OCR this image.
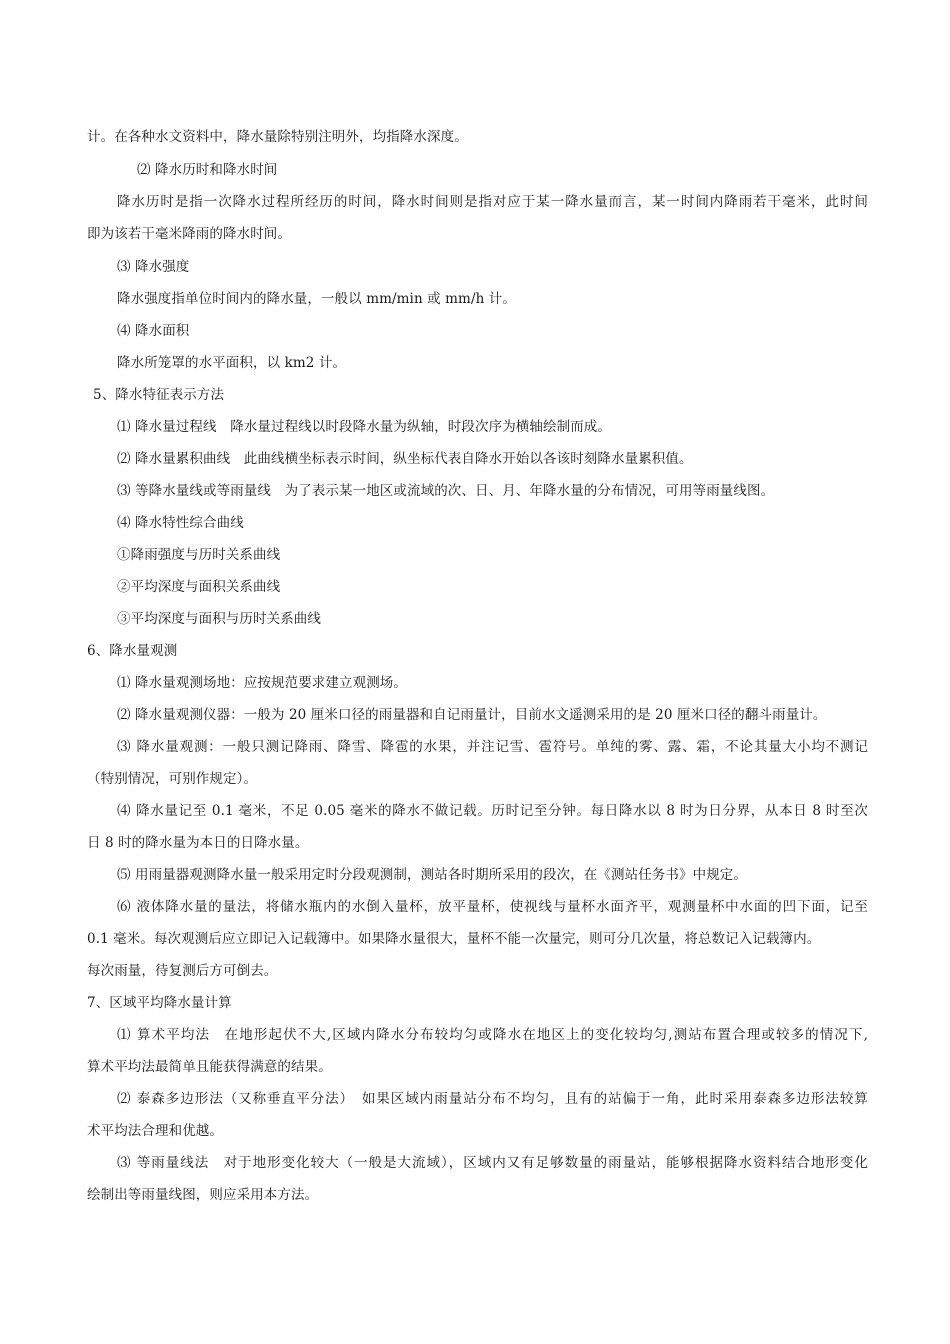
计。在各种水文资料中，降水量除特别注明外，均指降水深度。
⑵ 降水历时和降水时间
降水历时是指一次降水过程所经历的时间，降水时间则是指对应于某一降水量而言，某一时间内降雨若干毫米，此时间
即为该若干毫米降雨的降水时间。
⑶ 降水强度
降水强度指单位时间内的降水量，一般以 mm/min 或 mm/h 计。
⑷ 降水面积
降水所笼罩的水平面积，以 km2 计。
5、降水特征表示方法
⑴ 降水量过程线　降水量过程线以时段降水量为纵轴，时段次序为横轴绘制而成。
⑵ 降水量累积曲线　此曲线横坐标表示时间，纵坐标代表自降水开始以各该时刻降水量累积值。
⑶ 等降水量线或等雨量线　为了表示某一地区或流域的次、日、月、年降水量的分布情况，可用等雨量线图。
⑷ 降水特性综合曲线
①降雨强度与历时关系曲线
②平均深度与面积关系曲线
③平均深度与面积与历时关系曲线
6、降水量观测
⑴ 降水量观测场地：应按规范要求建立观测场。
⑵ 降水量观测仪器：一般为 20 厘米口径的雨量器和自记雨量计，目前水文遥测采用的是 20 厘米口径的翻斗雨量计。
⑶ 降水量观测：一般只测记降雨、降雪、降雹的水果，并注记雪、雹符号。单纯的雾、露、霜，不论其量大小均不测记
（特别情况，可别作规定）。
⑷ 降水量记至 0.1 毫米，不足 0.05 毫米的降水不做记载。历时记至分钟。每日降水以 8 时为日分界，从本日 8 时至次
日 8 时的降水量为本日的日降水量。
⑸ 用雨量器观测降水量一般采用定时分段观测制，测站各时期所采用的段次，在《测站任务书》中规定。
⑹ 液体降水量的量法，将储水瓶内的水倒入量杯，放平量杯，使视线与量杯水面齐平，观测量杯中水面的凹下面，记至
0.1 毫米。每次观测后应立即记入记载簿中。如果降水量很大，量杯不能一次量完，则可分几次量，将总数记入记载簿内。
每次雨量，待复测后方可倒去。
7、区域平均降水量计算
⑴ 算术平均法　在地形起伏不大,区域内降水分布较均匀或降水在地区上的变化较均匀,测站布置合理或较多的情况下,
算术平均法最简单且能获得满意的结果。
⑵ 泰森多边形法（又称垂直平分法）　如果区域内雨量站分布不均匀，且有的站偏于一角，此时采用泰森多边形法较算
术平均法合理和优越。
⑶ 等雨量线法　对于地形变化较大（一般是大流域），区域内又有足够数量的雨量站，能够根据降水资料结合地形变化
绘制出等雨量线图，则应采用本方法。
